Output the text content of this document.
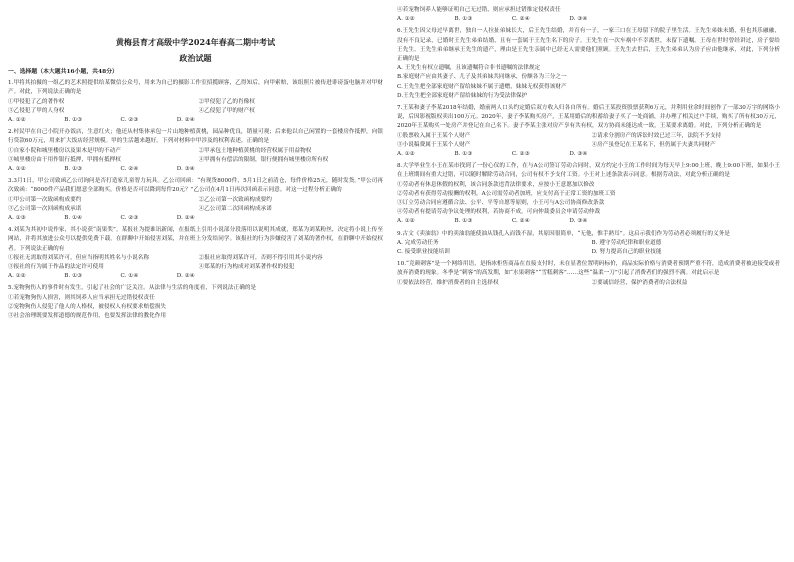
黄梅县育才高级中学2024年春高二期中考试
政治试题
一、选择题（本大题共16小题，共48分）

1.甲将其拍摄的一组乙的艺术照提供给某微信公众号，用来为自己的摄影工作室招揽顾客，乙得知后，向甲索赔，该组照片被传进诽谤蛋电脑并对甲财产。对此，下列说法正确的是

①甲侵犯了乙的著作权	②甲侵犯了乙的肖像权
③乙侵犯了甲的人身权	④乙侵犯了甲的财产权
A. ①②	B. ①③	C. ②③	D. ②④

2.村民甲在自己小院开办饭店，生意红火；他还从村集体承包一片山地种植黄桃，园品种优良，销量可观；后来他以自己闲置的一套楼房作抵押，向银行贷款60万元，用来扩大饭店经营规模。甲的生活越来越好。下列对材料中甲涉及的权利表述，正确的是

①自家小院和城里楼房以及果木是甲的不动产	②甲承包土地种植黄桃的经营权属于用益物权
③城里楼房由于用作银行抵押，甲拥有抵押权	④甲拥有有偿活的限制，银行便拥有城里楼房所有权
A. ①②	B. ①③	C. ②④	D. ③④

3.3月1日，甲公司致函乙公司询问是否打造家儿童智力玩具。乙公司回函：“有现货8000件，5月1日之前清仓，每件价格25元，随时发货。”甲公司再次致函：“8000件产品我们愿意全部购买，价格是否可以降到每件20元？”乙公司在4月1日再次回函表示同意。对这一过程分析正确的

①甲公司第一次致函构成要约	②乙公司第一次致函构成要约
③乙公司第一次回函构成承诺	④乙公司第二次回函构成承诺
A. ①③	B. ①④	C. ②③	D. ②④

4.刘某为其初中说作家，其小说获“南果奖”。某报社为提谁讯新闻，在报纸上引用小说部分段落用以说明其成就，郑某为刘某粉丝，决定将小说上传至网站，并将其放进公众号以提供免费下载。在群聊中开始侵害刘某，并在班上分发给同学。该报社的行为涉嫌侵害了刘某的著作权，在群聊中开始侵权者。下列说法正确的有

①报社无需取得刘某许可，但应当指明其姓名与小说名称	②报社应取得刘某许可，否则不得引用其小说内容
③报社的行为属于作品的法定许可使用	④郑某的行为构成对刘某著作权的侵犯
A. ①②	B. ①③	C. ①④	D. ②④

5.宠物狗伤人的事件时有发生，引起了社会的广泛关注。从法律与生活的角度看，下列说法正确的是

①若宠物狗伤人损害，则其饲养人应当承担无过错侵权责任
②宠物狗伤人侵犯了他人的人格权，被侵权人有权要求赔偿损失
③社会治理既要发挥道德的规范作用，也要发挥法律的教化作用

④若宠物饲养人能够证明自己无过错，则应承担过错推定侵权责任

A. ①②	B. ①③	C. ②④	D. ③④

6.王先生因父母过早离世，独自一人拉扯弟妹长大，后王先生结婚，并育有一子，一家三口在王母留下的院子里生活。王先生弟妹未婚，但也其乐融融，没有不良记录，已婚时王先生弟弟结婚，且有一套属于王先生名下的房子。王先生在一次车祸中不幸离世，未留下遗嘱。王母在世时曾经讲过，房子要给王先生。王先生弟弟继承王先生的遗产，理由是王先生亲属中已经无人需要他们照顾。王先生去世后，王先生弟弟认为房子应由他继承，对此，下列分析正确的是

A. 王先生有权立遗嘱，且该遗嘱符合非书遗嘱的法律规定
B.家庭财产应由其妻子、儿子及其弟妹共同继承，份额各为三分之一
C.王先生把全部家庭财产留给妹妹不属于遗赠，妹妹无权获得该财产
D.王先生把全部家庭财产留给妹妹的行为受法律保护

7.王某和妻子李某2018年结婚，婚前两人口头约定婚后双方收入归各自所有。婚后王某投资股票获利6万元，并利用业余时间创作了一部30万字的网络小说，后因影视版权卖出100万元。2020年，妻子李某购买房产，王某用婚后的积蓄给妻子买了一处商铺，并办理了相关过户手续，购买了所有权30万元，2020年王某购买一处房产并登记在自己名下。妻子李某主张对房产享有共有权，双方协商未能达成一致，王某要求离婚。对此，下列分析正确的是

①股票收入属于王某个人财产	②请求分割房产的诉讼时效已过三年，法院不予支持
③小说稿费属于王某个人财产	④房产虽登记在王某名下，但仍属于夫妻共同财产
A. ①②	B. ①③	C. ②③	D. ③④

8.大学毕业生小王在某市找到了一份心仪的工作，在与A公司签订劳动合同时，双方约定小王的工作时间为每天早上9:00上班，晚上9:00下班，如果小王在上班期间有重大过错，可以随时解除劳动合同，公司有权不予支付工资。小王对上述条款表示同意。根据劳动法，对此分析正确的是

①劳动者有休息休假的权利，该合同条款违背法律要求，应按小王意愿加以修改
②劳动者有获得劳动报酬的权利，A公司需劳动者加班，应支付高于正常工资的加班工资
③订立劳动合同应遵循合法、公平、平等自愿等原则，小王可与A公司协商修改条款
④劳动者有提请劳动争议处理的权利，若协商不成，可向仲裁委员会申请劳动仲裁
A. ①②	B. ①③	C. ②④	D. ③④

9.古文《卖油翁》中的卖油翁能使油从钱孔入而钱不湿，其原因很简单，“无他，惟手熟耳”。这启示我们作为劳动者必须履行的义务是

A. 完成劳动任务	B. 遵守劳动纪律和职业道德
C. 接受职业技能培训	D. 努力提高自己的职业技能

10.“竞颜刺客”是一个网络用语，是指冰柜售商品在直接支付时，未在显著位置明码标价，商品实际价格与消费者预期严重不符，造成消费者被迫接受或者放弃消费的现象。冬季是“刺客”的高发期，如“水果刺客”“雪糕刺客”……这些“温柔一刀”引起了消费者们的强烈不满。对此启示是

①要依法经营，维护消费者的自主选择权	②要诚信经营，保护消费者的合法权益
